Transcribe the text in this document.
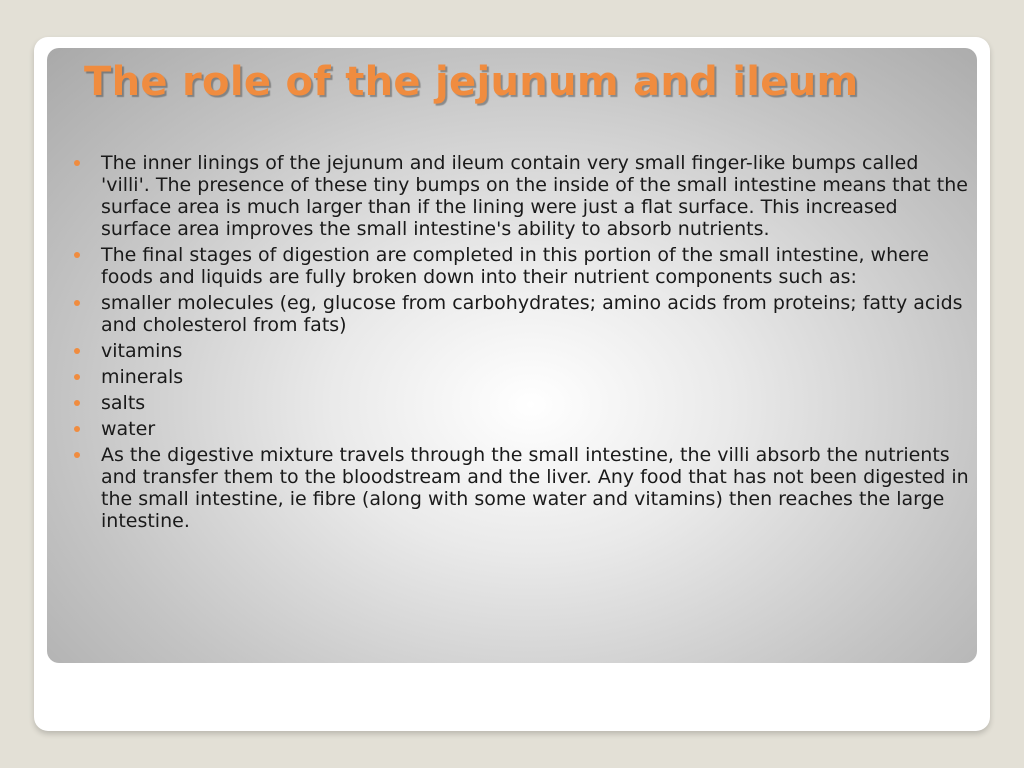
The role of the jejunum and ileum
The inner linings of the jejunum and ileum contain very small finger-like bumps called 'villi'. The presence of these tiny bumps on the inside of the small intestine means that the surface area is much larger than if the lining were just a flat surface. This increased surface area improves the small intestine's ability to absorb nutrients.
The final stages of digestion are completed in this portion of the small intestine, where foods and liquids are fully broken down into their nutrient components such as:
smaller molecules (eg, glucose from carbohydrates; amino acids from proteins; fatty acids and cholesterol from fats)
vitamins
minerals
salts
water
As the digestive mixture travels through the small intestine, the villi absorb the nutrients and transfer them to the bloodstream and the liver. Any food that has not been digested in the small intestine, ie fibre (along with some water and vitamins) then reaches the large intestine.
